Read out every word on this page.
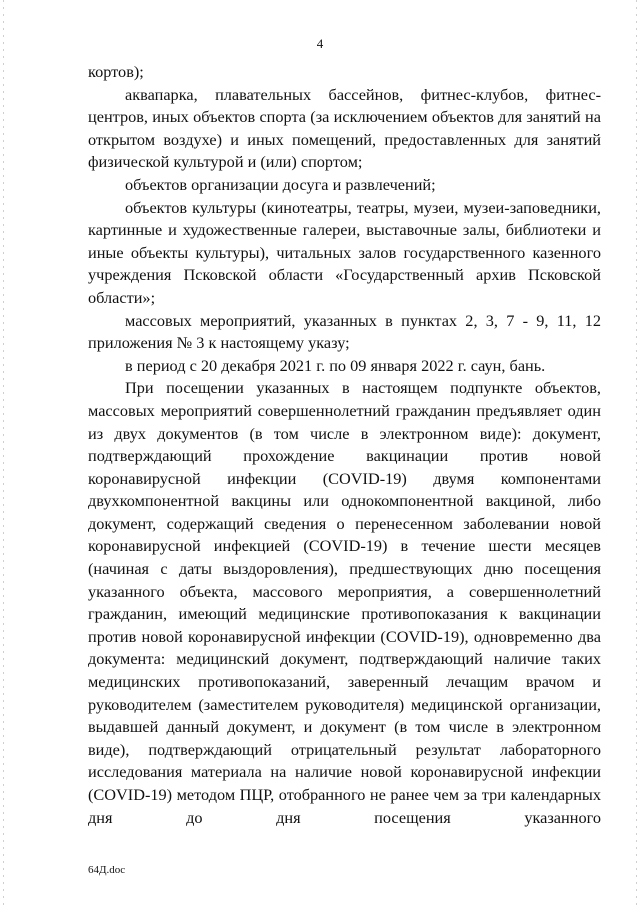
4

кортов);

аквапарка, плавательных бассейнов, фитнес-клубов, фитнес-центров, иных объектов спорта (за исключением объектов для занятий на открытом воздухе) и иных помещений, предоставленных для занятий физической культурой и (или) спортом;

объектов организации досуга и развлечений;

объектов культуры (кинотеатры, театры, музеи, музеи-заповедники, картинные и художественные галереи, выставочные залы, библиотеки и иные объекты культуры), читальных залов государственного казенного учреждения Псковской области «Государственный архив Псковской области»;

массовых мероприятий, указанных в пунктах 2, 3, 7 - 9, 11, 12 приложения № 3 к настоящему указу;

в период с 20 декабря 2021 г. по 09 января 2022 г. саун, бань.

При посещении указанных в настоящем подпункте объектов, массовых мероприятий совершеннолетний гражданин предъявляет один из двух документов (в том числе в электронном виде): документ, подтверждающий прохождение вакцинации против новой коронавирусной инфекции (COVID-19) двумя компонентами двухкомпонентной вакцины или однокомпонентной вакциной, либо документ, содержащий сведения о перенесенном заболевании новой коронавирусной инфекцией (COVID-19) в течение шести месяцев (начиная с даты выздоровления), предшествующих дню посещения указанного объекта, массового мероприятия, а совершеннолетний гражданин, имеющий медицинские противопоказания к вакцинации против новой коронавирусной инфекции (COVID-19), одновременно два документа: медицинский документ, подтверждающий наличие таких медицинских противопоказаний, заверенный лечащим врачом и руководителем (заместителем руководителя) медицинской организации, выдавшей данный документ, и документ (в том числе в электронном виде), подтверждающий отрицательный результат лабораторного исследования материала на наличие новой коронавирусной инфекции (COVID-19) методом ПЦР, отобранного не ранее чем за три календарных дня до дня посещения указанного

64Д.doc
